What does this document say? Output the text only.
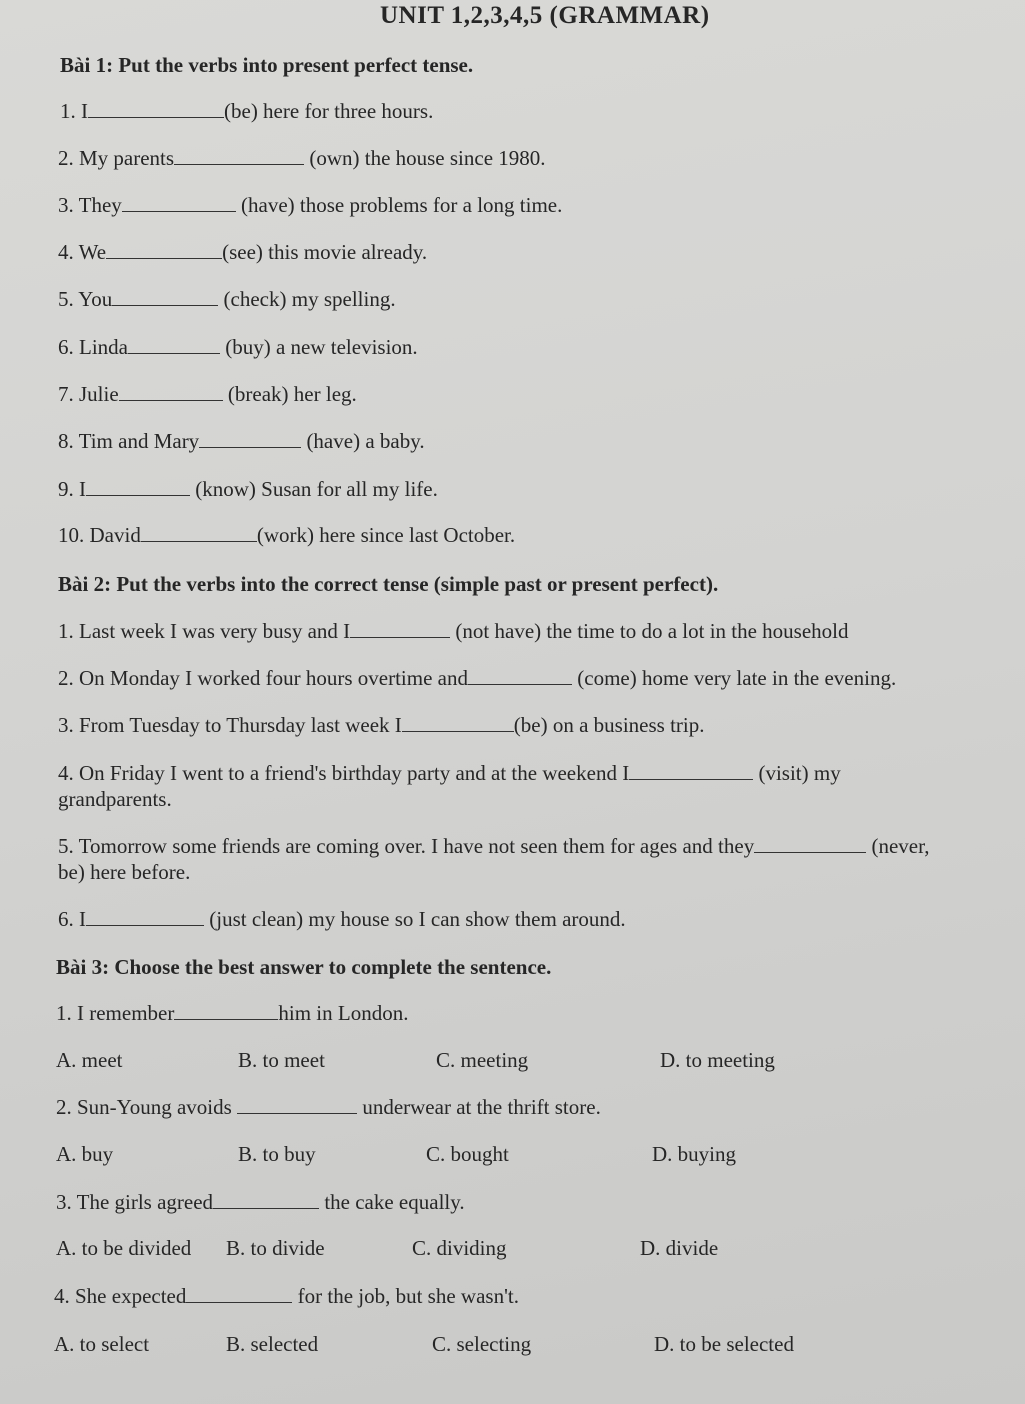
UNIT 1,2,3,4,5 (GRAMMAR)
Bài 1: Put the verbs into present perfect tense.
1. I	(be) here for three hours.
2. My parents	(own) the house since 1980.
3. They	(have) those problems for a long time.
4. We	(see) this movie already.
5. You	(check) my spelling.
6. Linda	(buy) a new television.
7. Julie	(break) her leg.
8. Tim and Mary	(have) a baby.
9. I	(know) Susan for all my life.
10. David	(work) here since last October.
Bài 2: Put the verbs into the correct tense (simple past or present perfect).
1. Last week I was very busy and I	(not have) the time to do a lot in the household
2. On Monday I worked four hours overtime and	(come) home very late in the evening.
3. From Tuesday to Thursday last week I	(be) on a business trip.
4. On Friday I went to a friend's birthday party and at the weekend I	(visit) my
grandparents.
5. Tomorrow some friends are coming over. I have not seen them for ages and they	(never,
be) here before.
6. I	(just clean) my house so I can show them around.
Bài 3: Choose the best answer to complete the sentence.
1. I remember	him in London.
A. meet	B. to meet	C. meeting	D. to meeting
2. Sun-Young avoids	underwear at the thrift store.
A. buy	B. to buy	C. bought	D. buying
3. The girls agreed	the cake equally.
A. to be divided B. to divide	C. dividing	D. divide
4. She expected	for the job, but she wasn't.
A. to select	B. selected	C. selecting	D. to be selected
